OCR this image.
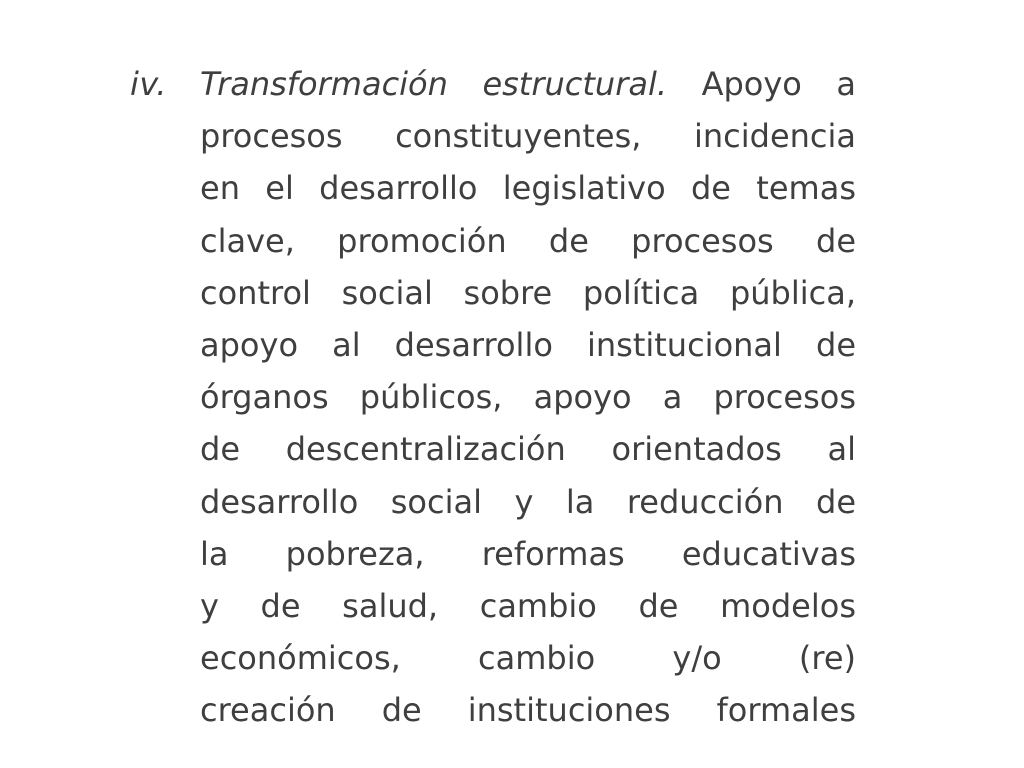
iv. Transformación estructural. Apoyo a
procesos constituyentes, incidencia
en el desarrollo legislativo de temas
clave, promoción de procesos de
control social sobre política pública,
apoyo al desarrollo institucional de
órganos públicos, apoyo a procesos
de descentralización orientados al
desarrollo social y la reducción de
la pobreza, reformas educativas
y de salud, cambio de modelos
económicos, cambio y/o (re)
creación de instituciones formales
